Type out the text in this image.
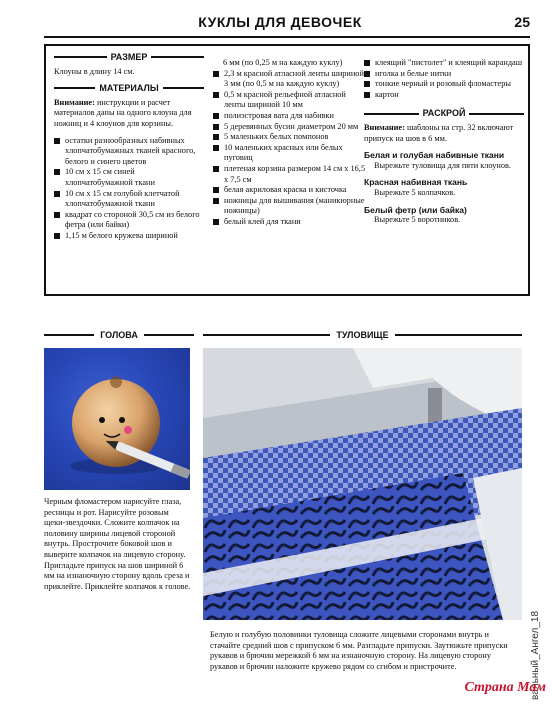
КУКЛЫ ДЛЯ ДЕВОЧЕК	25
РАЗМЕР

Клоуны в длину 14 см.

МАТЕРИАЛЫ

Внимание: инструкции и расчет материалов даны на одного клоуна для ножниц и 4 клоунов для корзины.

остатки разнообразных набивных хлопчатобумажных тканей красного, белого и синего цветов
10 см x 15 см синей хлопчатобумажной ткани
10 см x 15 см голубой клетчатой хлопчатобумажной ткани
квадрат со стороной 30,5 см из белого фетра (или байки)
1,15 м белого кружева шириной
6 мм (по 0,25 м на каждую куклу)
2,3 м красной атласной ленты шириной 3 мм (по 0,5 м на каждую куклу)
0,5 м красной рельефной атласной ленты шириной 10 мм
полиэстровая вата для набивки
5 деревянных бусин диаметром 20 мм
5 маленьких белых помпонов
10 маленьких красных или белых пуговиц
плетеная корзина размером 14 см x 16,5 x 7,5 см
белая акриловая краска и кисточка
ножницы для вышивания (маникюрные ножницы)
белый клей для ткани
клеящий "пистолет" и клеящий карандаш
иголка и белые нитки
тонкие черный и розовый фломастеры
картон
РАСКРОЙ

Внимание: шаблоны на стр. 32 включают припуск на шов в 6 мм.

Белая и голубая набивные ткани
Вырежьте туловища для пяти клоунов.
Красная набивная ткань
Вырежьте 5 колпачков.
Белый фетр (или байка)
Вырежьте 5 воротников.
ГОЛОВА	ТУЛОВИЩЕ
Черным фломастером нарисуйте глаза, ресницы и рот. Нарисуйте розовым щеки-звездочки. Сложите колпачок на половину ширины лицевой стороной внутрь. Прострочите боковой шов и вывернте колпачок на лицевую сторону. Пригладьте припуск на шов шириной 6 мм на изнаночную сторону вдоль среза и приклейте. Приклейте колпачок к голове.
Белую и голубую половинки туловища сложите лицевыми сторонами внутрь и стачайте средний шов с припуском 6 мм. Разгладьте припуски. Заутюжьте припуски рукавов и брючин мережкой 6 мм на изнаночную сторону. На лицевую сторону рукавов и брючин наложите кружево рядом со сгибом и пристрочите.	вальный_Ангел_18
Страна Мам
